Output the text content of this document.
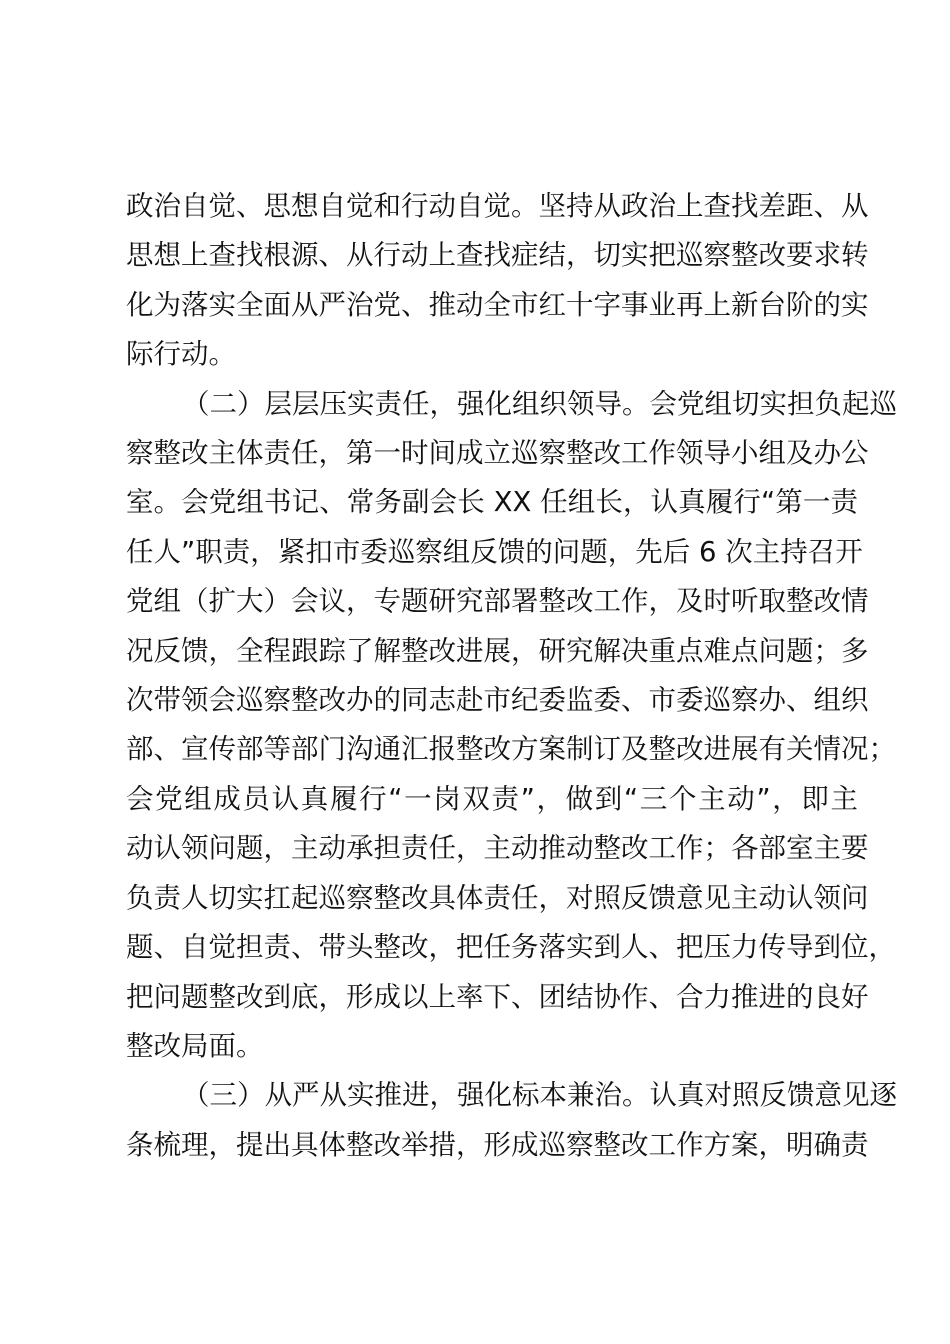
政治自觉、思想自觉和行动自觉。坚持从政治上查找差距、从
思想上查找根源、从行动上查找症结，切实把巡察整改要求转
化为落实全面从严治党、推动全市红十字事业再上新台阶的实
际行动。
（二）层层压实责任，强化组织领导。会党组切实担负起巡
察整改主体责任，第一时间成立巡察整改工作领导小组及办公
室。会党组书记、常务副会长 XX 任组长，认真履行“第一责
任人”职责，紧扣市委巡察组反馈的问题，先后 6 次主持召开
党组（扩大）会议，专题研究部署整改工作，及时听取整改情
况反馈，全程跟踪了解整改进展，研究解决重点难点问题；多
次带领会巡察整改办的同志赴市纪委监委、市委巡察办、组织
部、宣传部等部门沟通汇报整改方案制订及整改进展有关情况；
会党组成员认真履行“一岗双责”，做到“三个主动”，即主
动认领问题，主动承担责任，主动推动整改工作；各部室主要
负责人切实扛起巡察整改具体责任，对照反馈意见主动认领问
题、自觉担责、带头整改，把任务落实到人、把压力传导到位，
把问题整改到底，形成以上率下、团结协作、合力推进的良好
整改局面。
（三）从严从实推进，强化标本兼治。认真对照反馈意见逐
条梳理，提出具体整改举措，形成巡察整改工作方案，明确责
